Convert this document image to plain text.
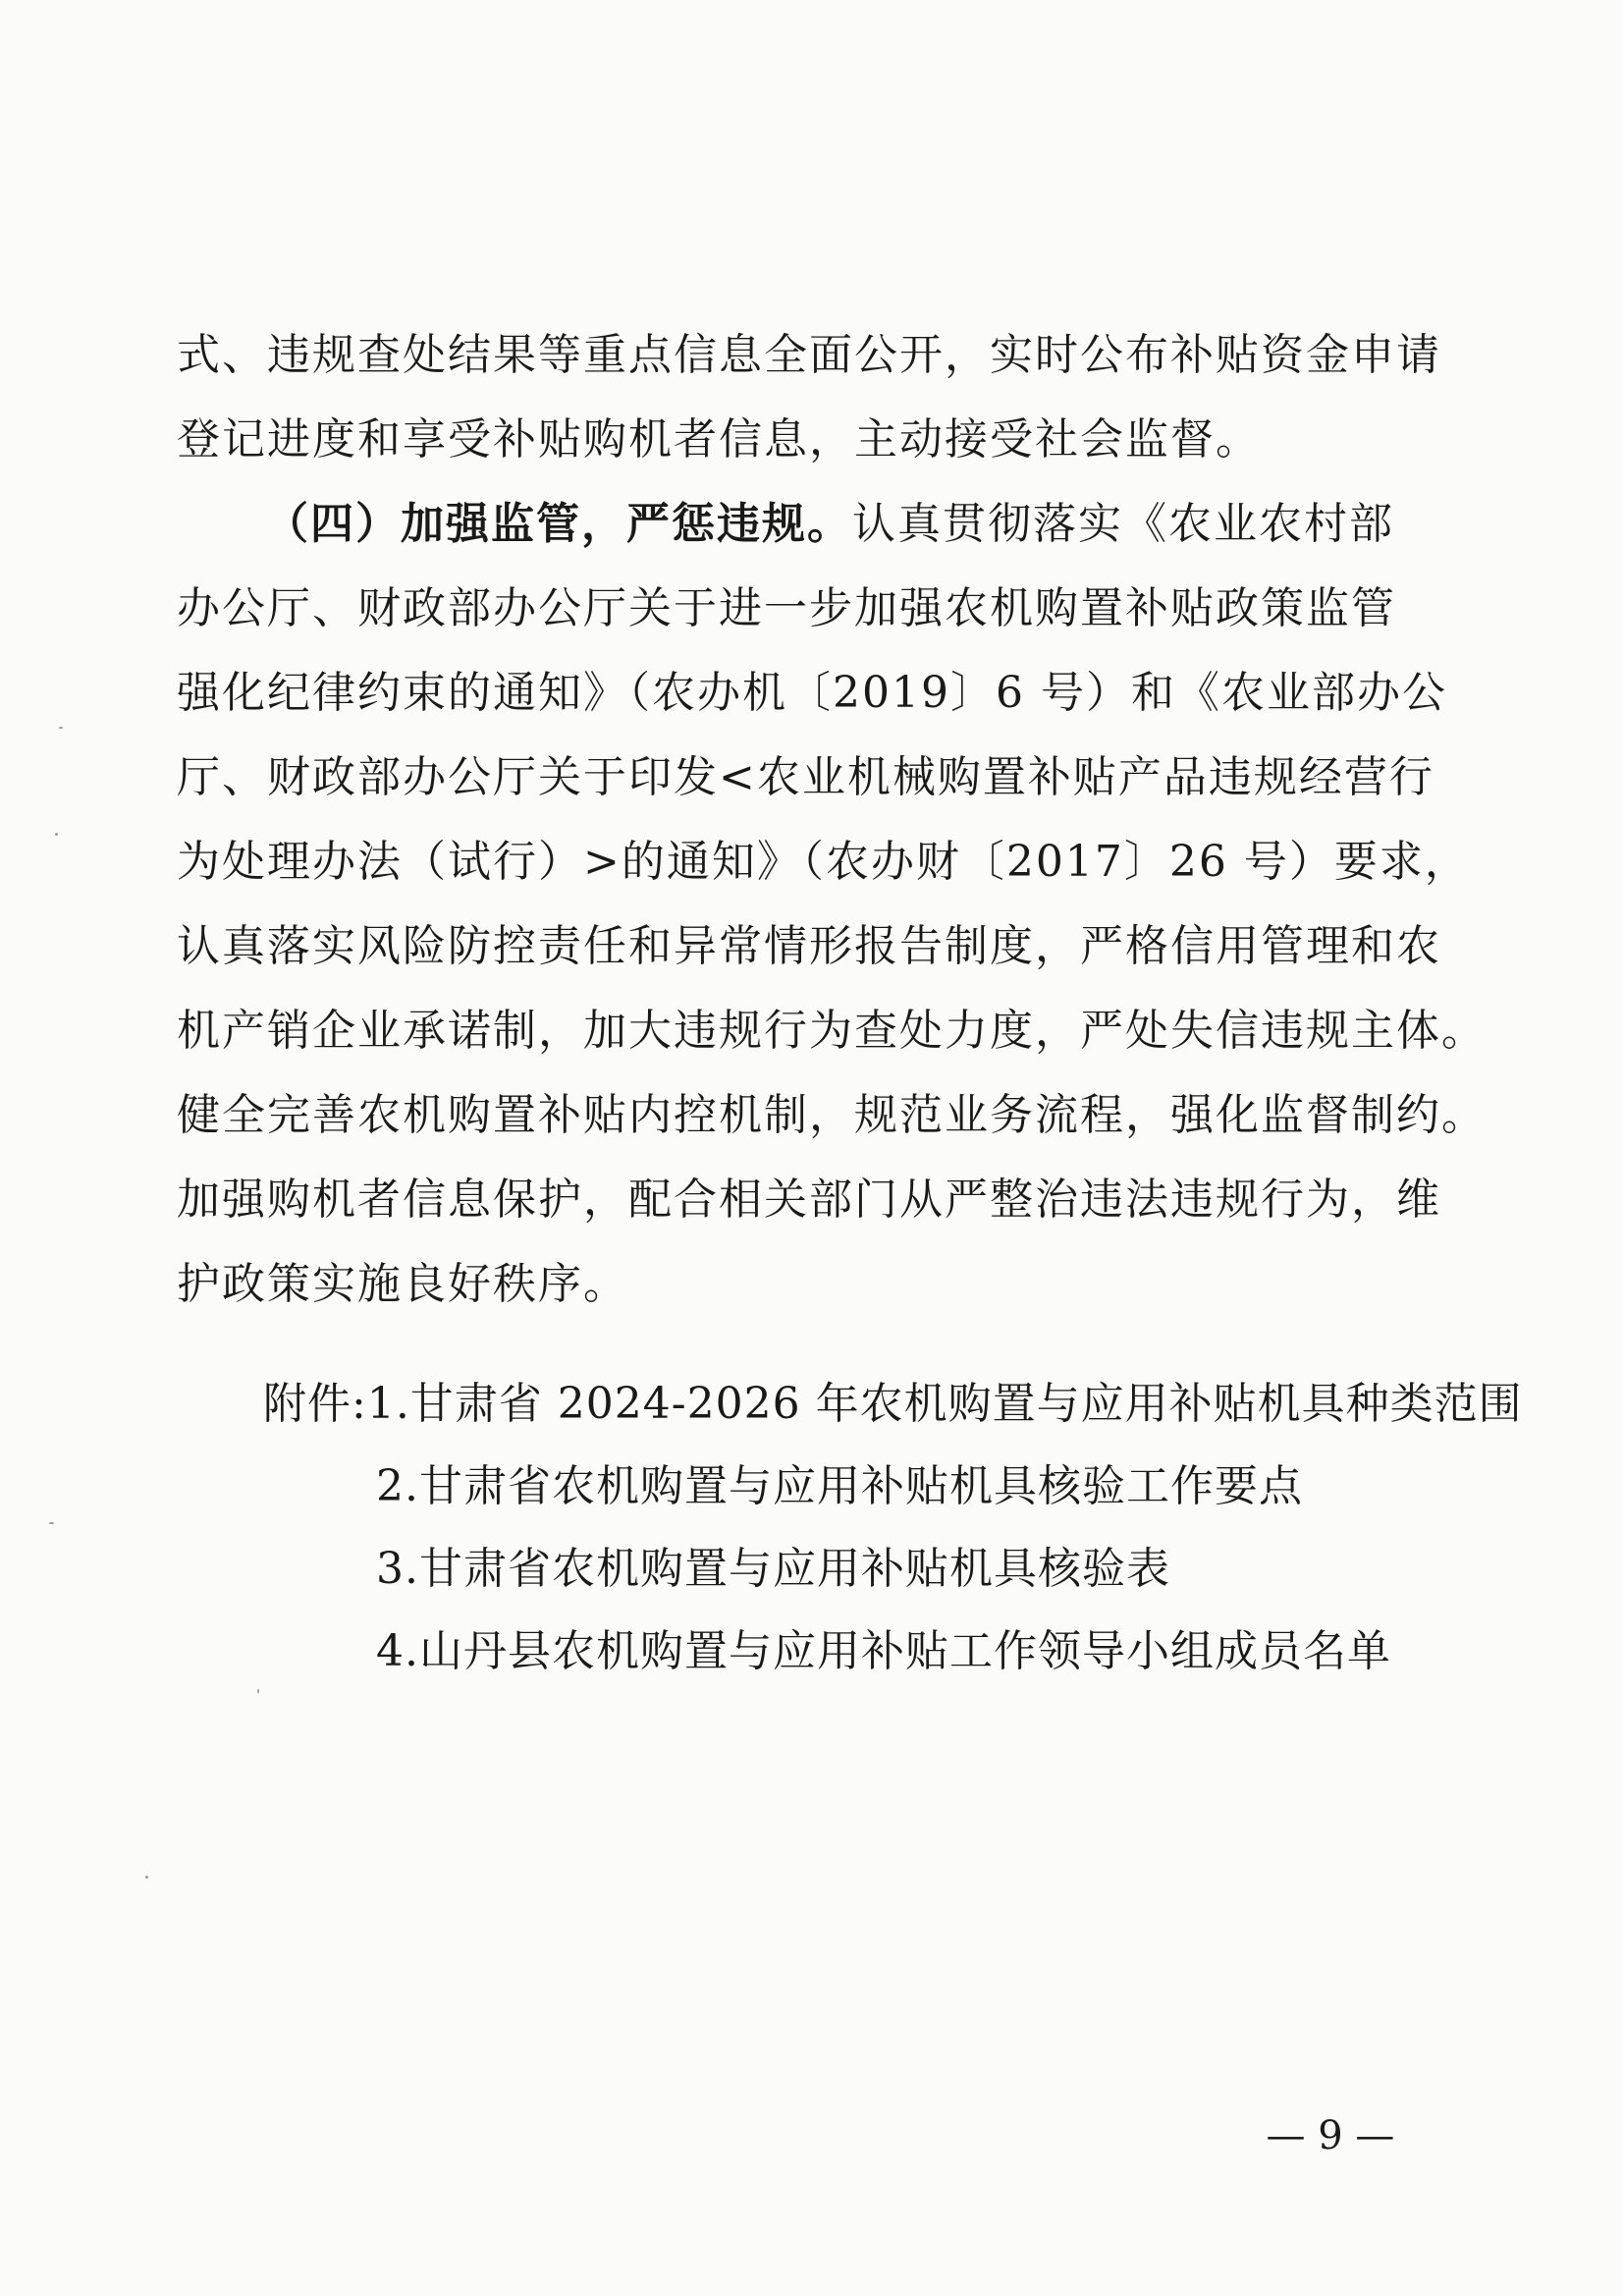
式、违规查处结果等重点信息全面公开，实时公布补贴资金申请
登记进度和享受补贴购机者信息，主动接受社会监督。
（四）加强监管，严惩违规。认真贯彻落实《农业农村部
办公厅、财政部办公厅关于进一步加强农机购置补贴政策监管
强化纪律约束的通知》（农办机〔2019〕6 号）和《农业部办公
厅、财政部办公厅关于印发<农业机械购置补贴产品违规经营行
为处理办法（试行）>的通知》（农办财〔2017〕26 号）要求，
认真落实风险防控责任和异常情形报告制度，严格信用管理和农
机产销企业承诺制，加大违规行为查处力度，严处失信违规主体。
健全完善农机购置补贴内控机制，规范业务流程，强化监督制约。
加强购机者信息保护，配合相关部门从严整治违法违规行为，维
护政策实施良好秩序。
附件:1.甘肃省 2024-2026 年农机购置与应用补贴机具种类范围
2.甘肃省农机购置与应用补贴机具核验工作要点
3.甘肃省农机购置与应用补贴机具核验表
4.山丹县农机购置与应用补贴工作领导小组成员名单
— 9 —
